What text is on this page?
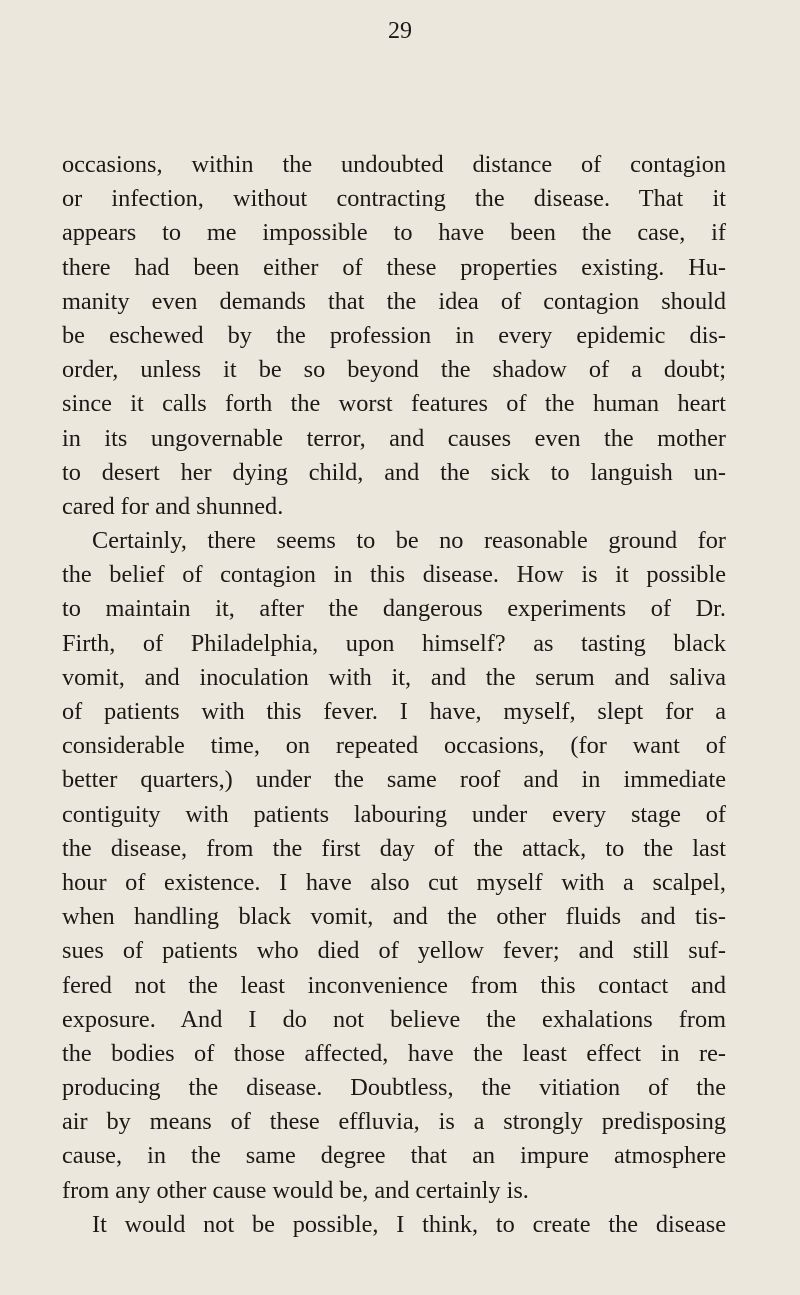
29
occasions, within the undoubted distance of contagion
or infection, without contracting the disease. That it
appears to me impossible to have been the case, if
there had been either of these properties existing. Hu-
manity even demands that the idea of contagion should
be eschewed by the profession in every epidemic dis-
order, unless it be so beyond the shadow of a doubt;
since it calls forth the worst features of the human heart
in its ungovernable terror, and causes even the mother
to desert her dying child, and the sick to languish un-
cared for and shunned.
Certainly, there seems to be no reasonable ground for
the belief of contagion in this disease. How is it possible
to maintain it, after the dangerous experiments of Dr.
Firth, of Philadelphia, upon himself? as tasting black
vomit, and inoculation with it, and the serum and saliva
of patients with this fever. I have, myself, slept for a
considerable time, on repeated occasions, (for want of
better quarters,) under the same roof and in immediate
contiguity with patients labouring under every stage of
the disease, from the first day of the attack, to the last
hour of existence. I have also cut myself with a scalpel,
when handling black vomit, and the other fluids and tis-
sues of patients who died of yellow fever; and still suf-
fered not the least inconvenience from this contact and
exposure. And I do not believe the exhalations from
the bodies of those affected, have the least effect in re-
producing the disease. Doubtless, the vitiation of the
air by means of these effluvia, is a strongly predisposing
cause, in the same degree that an impure atmosphere
from any other cause would be, and certainly is.
It would not be possible, I think, to create the disease
